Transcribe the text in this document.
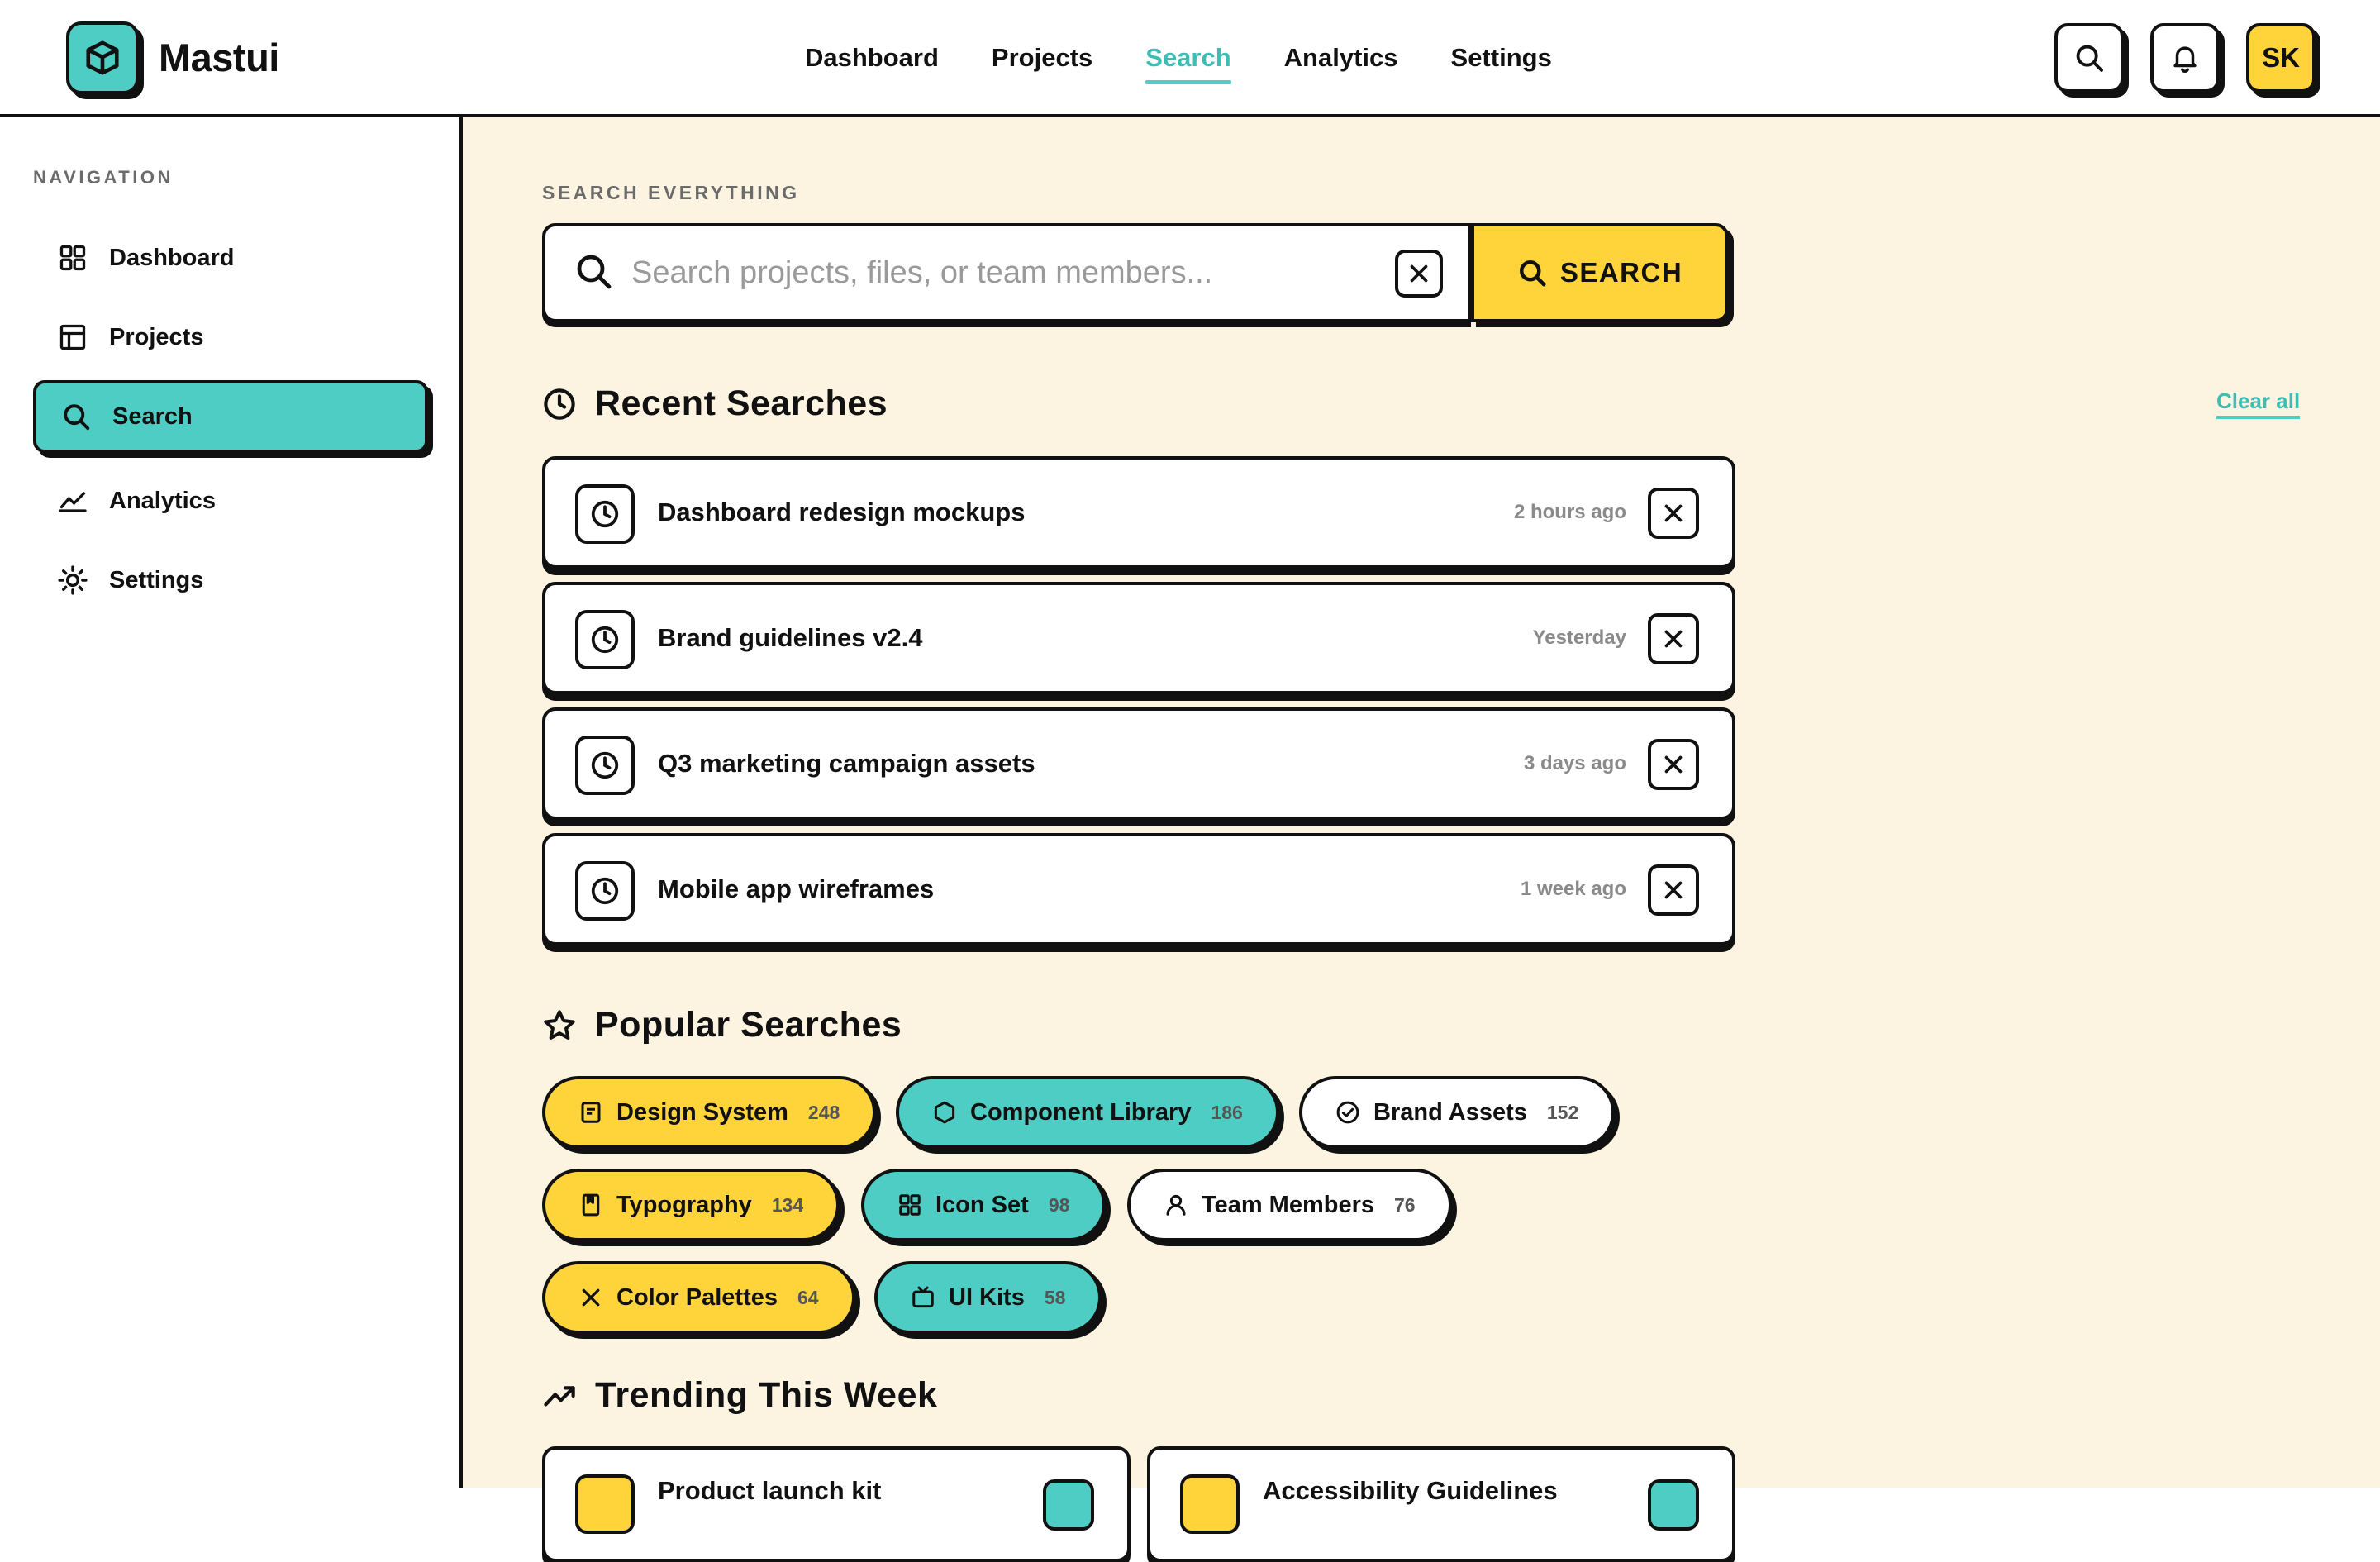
Mastui	Dashboard Projects Search Analytics Settings	SK
NAVIGATION
Dashboard
Projects
Search
Analytics
Settings
SEARCH EVERYTHING
Search projects, files, or team members...
SEARCH
Recent Searches	Clear all
Dashboard redesign mockups	2 hours ago
Brand guidelines v2.4	Yesterday
Q3 marketing campaign assets	3 days ago
Mobile app wireframes	1 week ago
Popular Searches
Design System 248	Component Library 186	Brand Assets 152
Typography 134	Icon Set 98	Team Members 76
Color Palettes 64	UI Kits 58
Trending This Week
Product launch kit	Accessibility Guidelines
